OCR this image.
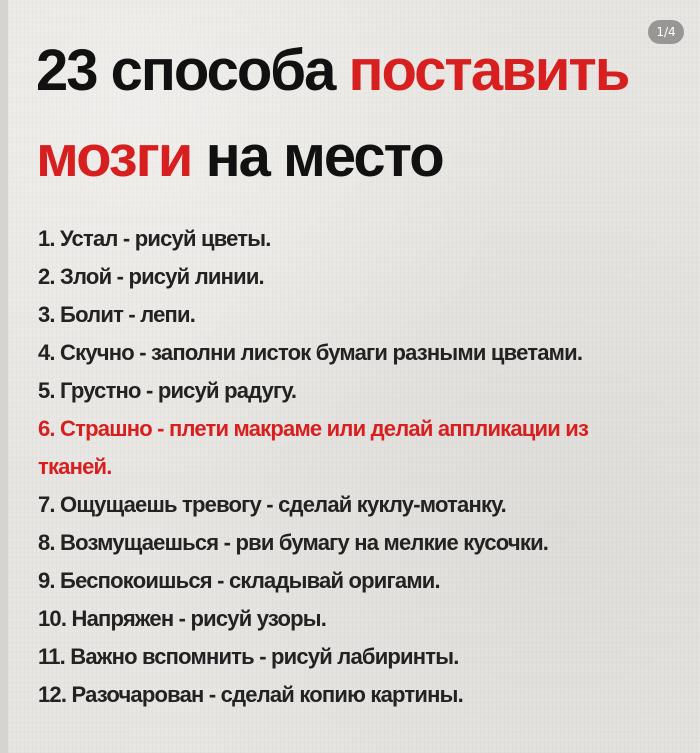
1/4
23 способа поставить
мозги на место
1. Устал - рисуй цветы.
2. Злой - рисуй линии.
3. Болит - лепи.
4. Скучно - заполни листок бумаги разными цветами.
5. Грустно - рисуй радугу.
6. Страшно - плети макраме или делай аппликации из тканей.
7. Ощущаешь тревогу - сделай куклу-мотанку.
8. Возмущаешься - рви бумагу на мелкие кусочки.
9. Беспокоишься - складывай оригами.
10. Напряжен - рисуй узоры.
11. Важно вспомнить - рисуй лабиринты.
12. Разочарован - сделай копию картины.
